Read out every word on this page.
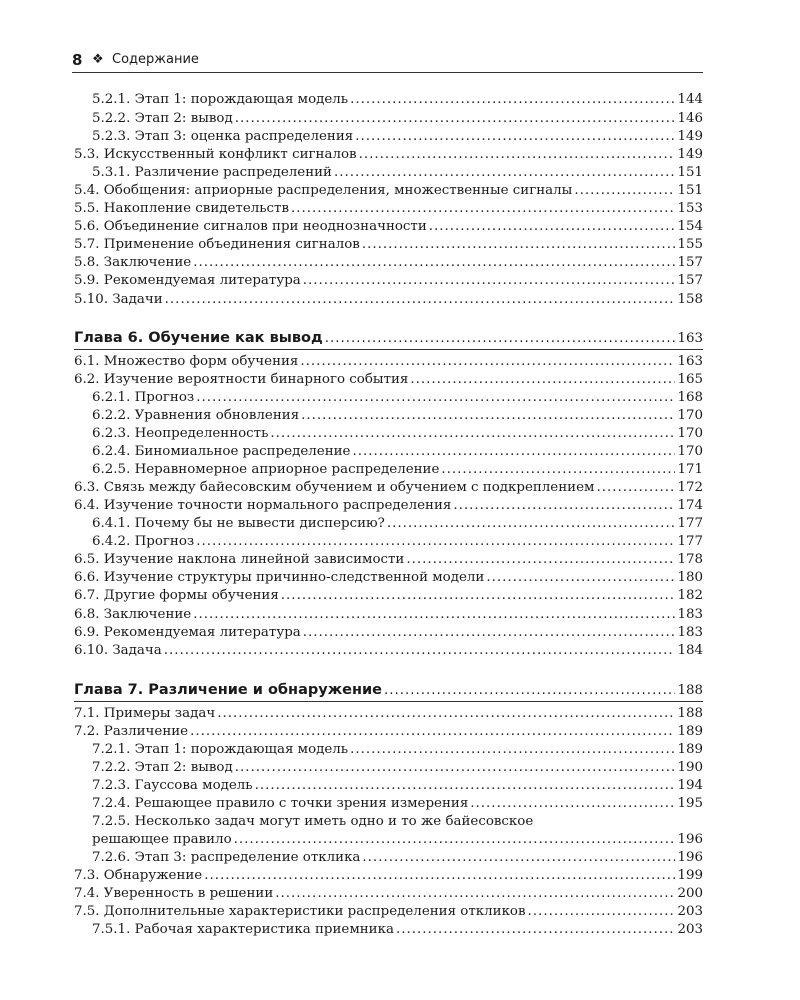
8 ❖ Содержание
5.2.1. Этап 1: порождающая модель .....	144
5.2.2. Этап 2: вывод .....	146
5.2.3. Этап 3: оценка распределения .....	149
5.3. Искусственный конфликт сигналов .....	149
5.3.1. Различение распределений .....	151
5.4. Обобщения: априорные распределения, множественные сигналы .....	151
5.5. Накопление свидетельств .....	153
5.6. Объединение сигналов при неоднозначности .....	154
5.7. Применение объединения сигналов .....	155
5.8. Заключение .....	157
5.9. Рекомендуемая литература .....	157
5.10. Задачи .....	158
Глава 6. Обучение как вывод .....	163
6.1. Множество форм обучения .....	163
6.2. Изучение вероятности бинарного события .....	165
6.2.1. Прогноз .....	168
6.2.2. Уравнения обновления .....	170
6.2.3. Неопределенность .....	170
6.2.4. Биномиальное распределение .....	170
6.2.5. Неравномерное априорное распределение .....	171
6.3. Связь между байесовским обучением и обучением с подкреплением .....	172
6.4. Изучение точности нормального распределения .....	174
6.4.1. Почему бы не вывести дисперсию? .....	177
6.4.2. Прогноз .....	177
6.5. Изучение наклона линейной зависимости .....	178
6.6. Изучение структуры причинно-следственной модели .....	180
6.7. Другие формы обучения .....	182
6.8. Заключение .....	183
6.9. Рекомендуемая литература .....	183
6.10. Задача .....	184
Глава 7. Различение и обнаружение .....	188
7.1. Примеры задач .....	188
7.2. Различение .....	189
7.2.1. Этап 1: порождающая модель .....	189
7.2.2. Этап 2: вывод .....	190
7.2.3. Гауссова модель .....	194
7.2.4. Решающее правило с точки зрения измерения .....	195
7.2.5. Несколько задач могут иметь одно и то же байесовское
решающее правило .....	196
7.2.6. Этап 3: распределение отклика .....	196
7.3. Обнаружение .....	199
7.4. Уверенность в решении .....	200
7.5. Дополнительные характеристики распределения откликов .....	203
7.5.1. Рабочая характеристика приемника .....	203
